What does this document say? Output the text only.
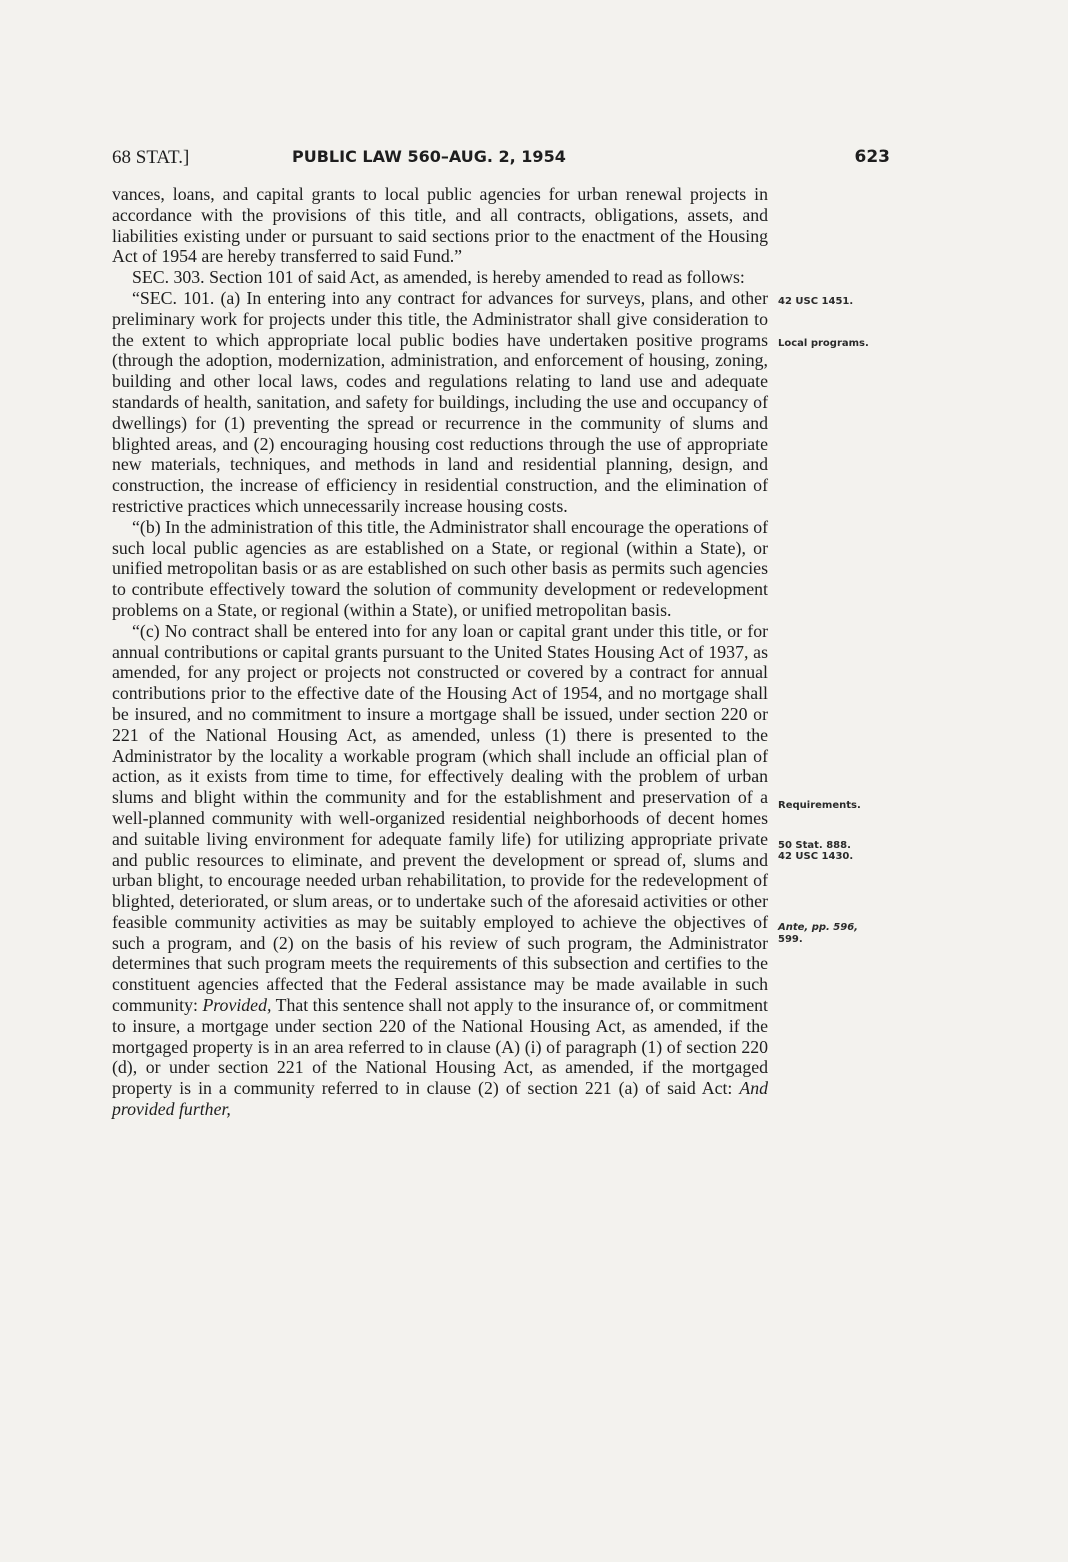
68 STAT.]	PUBLIC LAW 560–AUG. 2, 1954	623

vances, loans, and capital grants to local public agencies for urban renewal projects in accordance with the provisions of this title, and all contracts, obligations, assets, and liabilities existing under or pursuant to said sections prior to the enactment of the Housing Act of 1954 are hereby transferred to said Fund.”

SEC. 303. Section 101 of said Act, as amended, is hereby amended to read as follows:

“SEC. 101. (a) In entering into any contract for advances for surveys, plans, and other preliminary work for projects under this title, the Administrator shall give consideration to the extent to which appropriate local public bodies have undertaken positive programs (through the adoption, modernization, administration, and enforcement of housing, zoning, building and other local laws, codes and regulations relating to land use and adequate standards of health, sanitation, and safety for buildings, including the use and occupancy of dwellings) for (1) preventing the spread or recurrence in the community of slums and blighted areas, and (2) encouraging housing cost reductions through the use of appropriate new materials, techniques, and methods in land and residential planning, design, and construction, the increase of efficiency in residential construction, and the elimination of restrictive practices which unnecessarily increase housing costs.

“(b) In the administration of this title, the Administrator shall encourage the operations of such local public agencies as are established on a State, or regional (within a State), or unified metropolitan basis or as are established on such other basis as permits such agencies to contribute effectively toward the solution of community development or redevelopment problems on a State, or regional (within a State), or unified metropolitan basis.

“(c) No contract shall be entered into for any loan or capital grant under this title, or for annual contributions or capital grants pursuant to the United States Housing Act of 1937, as amended, for any project or projects not constructed or covered by a contract for annual contributions prior to the effective date of the Housing Act of 1954, and no mortgage shall be insured, and no commitment to insure a mortgage shall be issued, under section 220 or 221 of the National Housing Act, as amended, unless (1) there is presented to the Administrator by the locality a workable program (which shall include an official plan of action, as it exists from time to time, for effectively dealing with the problem of urban slums and blight within the community and for the establishment and preservation of a well-planned community with well-organized residential neighborhoods of decent homes and suitable living environment for adequate family life) for utilizing appropriate private and public resources to eliminate, and prevent the development or spread of, slums and urban blight, to encourage needed urban rehabilitation, to provide for the redevelopment of blighted, deteriorated, or slum areas, or to undertake such of the aforesaid activities or other feasible community activities as may be suitably employed to achieve the objectives of such a program, and (2) on the basis of his review of such program, the Administrator determines that such program meets the requirements of this subsection and certifies to the constituent agencies affected that the Federal assistance may be made available in such community: Provided, That this sentence shall not apply to the insurance of, or commitment to insure, a mortgage under section 220 of the National Housing Act, as amended, if the mortgaged property is in an area referred to in clause (A) (i) of paragraph (1) of section 220 (d), or under section 221 of the National Housing Act, as amended, if the mortgaged property is in a community referred to in clause (2) of section 221 (a) of said Act: And provided further,

42 USC 1451.
Local programs.
Requirements.
50 Stat. 888.
42 USC 1430.
Ante, pp. 596,
599.
